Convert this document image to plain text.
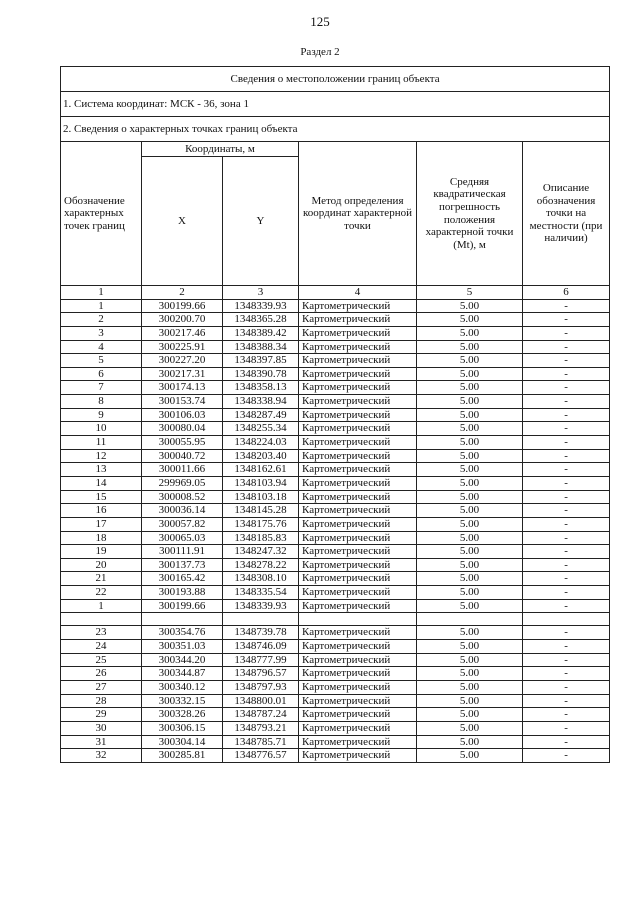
125
Раздел 2
Сведения о местоположении границ объекта					
1. Система координат: МСК - 36, зона 1					
2. Сведения о характерных точках границ объекта					
Обозначение характерных точек границ	Координаты, м		Метод определения координат характерной точки	Средняя квадратическая погрешность положения характерной точки (Mt), м	Описание обозначения точки на местности (при наличии)
	X	Y			
1	2	3	4	5	6
1	300199.66	1348339.93	Картометрический	5.00	-
2	300200.70	1348365.28	Картометрический	5.00	-
3	300217.46	1348389.42	Картометрический	5.00	-
4	300225.91	1348388.34	Картометрический	5.00	-
5	300227.20	1348397.85	Картометрический	5.00	-
6	300217.31	1348390.78	Картометрический	5.00	-
7	300174.13	1348358.13	Картометрический	5.00	-
8	300153.74	1348338.94	Картометрический	5.00	-
9	300106.03	1348287.49	Картометрический	5.00	-
10	300080.04	1348255.34	Картометрический	5.00	-
11	300055.95	1348224.03	Картометрический	5.00	-
12	300040.72	1348203.40	Картометрический	5.00	-
13	300011.66	1348162.61	Картометрический	5.00	-
14	299969.05	1348103.94	Картометрический	5.00	-
15	300008.52	1348103.18	Картометрический	5.00	-
16	300036.14	1348145.28	Картометрический	5.00	-
17	300057.82	1348175.76	Картометрический	5.00	-
18	300065.03	1348185.83	Картометрический	5.00	-
19	300111.91	1348247.32	Картометрический	5.00	-
20	300137.73	1348278.22	Картометрический	5.00	-
21	300165.42	1348308.10	Картометрический	5.00	-
22	300193.88	1348335.54	Картометрический	5.00	-
1	300199.66	1348339.93	Картометрический	5.00	-

23	300354.76	1348739.78	Картометрический	5.00	-
24	300351.03	1348746.09	Картометрический	5.00	-
25	300344.20	1348777.99	Картометрический	5.00	-
26	300344.87	1348796.57	Картометрический	5.00	-
27	300340.12	1348797.93	Картометрический	5.00	-
28	300332.15	1348800.01	Картометрический	5.00	-
29	300328.26	1348787.24	Картометрический	5.00	-
30	300306.15	1348793.21	Картометрический	5.00	-
31	300304.14	1348785.71	Картометрический	5.00	-
32	300285.81	1348776.57	Картометрический	5.00	-
